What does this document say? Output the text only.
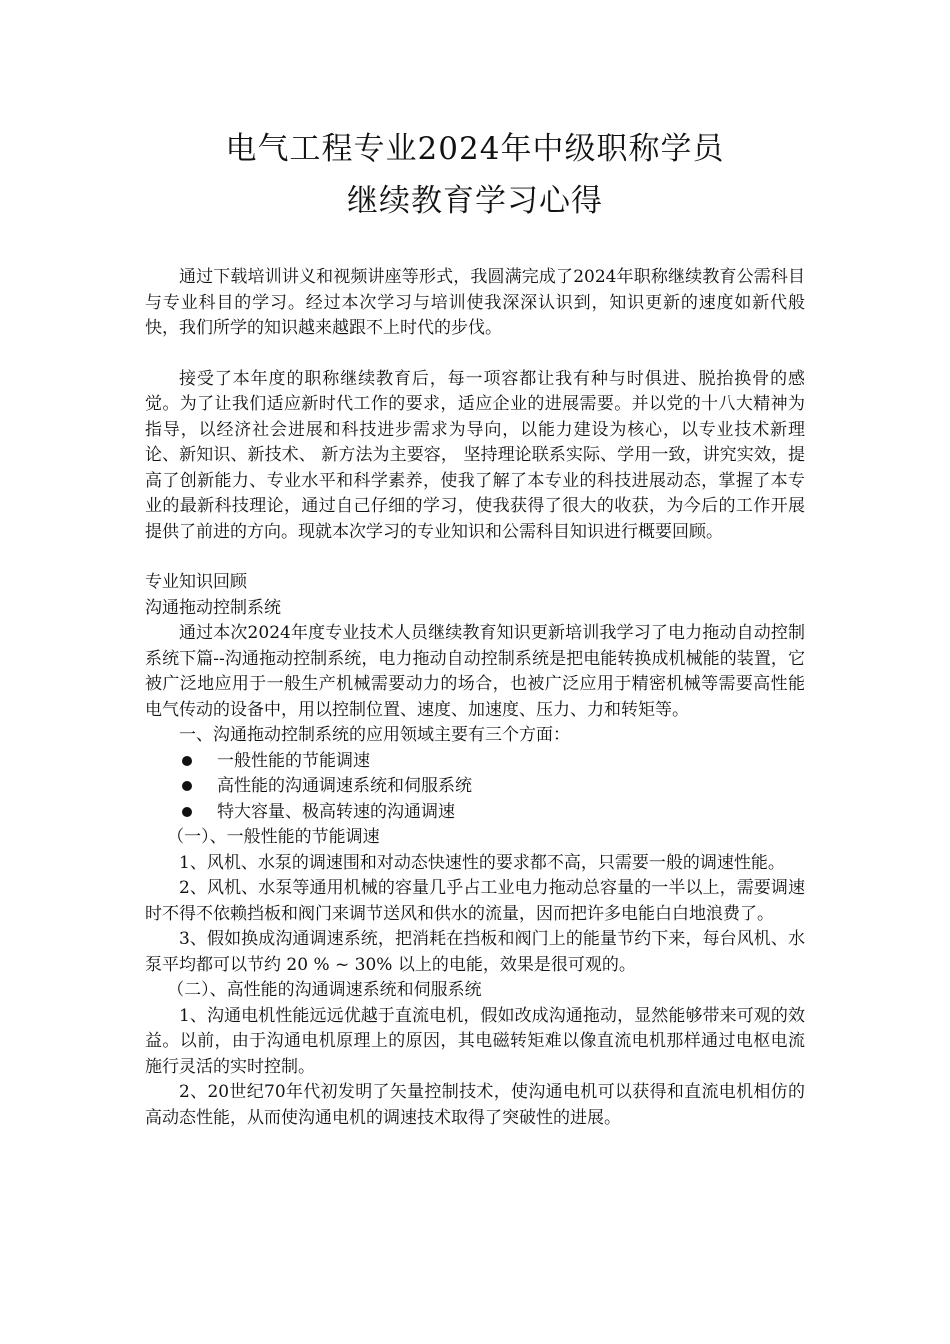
电气工程专业2024年中级职称学员
继续教育学习心得

通过下载培训讲义和视频讲座等形式，我圆满完成了2024年职称继续教育公需科目与专业科目的学习。经过本次学习与培训使我深深认识到，知识更新的速度如新代般快，我们所学的知识越来越跟不上时代的步伐。

接受了本年度的职称继续教育后，每一项容都让我有种与时俱进、脱抬换骨的感觉。为了让我们适应新时代工作的要求，适应企业的进展需要。并以党的十八大精神为指导，以经济社会进展和科技进步需求为导向，以能力建设为核心，以专业技术新理论、新知识、新技术、 新方法为主要容， 坚持理论联系实际、学用一致，讲究实效，提高了创新能力、专业水平和科学素养，使我了解了本专业的科技进展动态，掌握了本专业的最新科技理论，通过自己仔细的学习，使我获得了很大的收获，为今后的工作开展提供了前进的方向。现就本次学习的专业知识和公需科目知识进行概要回顾。

专业知识回顾

沟通拖动控制系统

通过本次2024年度专业技术人员继续教育知识更新培训我学习了电力拖动自动控制系统下篇--沟通拖动控制系统，电力拖动自动控制系统是把电能转换成机械能的装置，它被广泛地应用于一般生产机械需要动力的场合，也被广泛应用于精密机械等需要高性能电气传动的设备中，用以控制位置、速度、加速度、压力、力和转矩等。

一、沟通拖动控制系统的应用领域主要有三个方面：

一般性能的节能调速
高性能的沟通调速系统和伺服系统
特大容量、极高转速的沟通调速

（一）、一般性能的节能调速

1、风机、水泵的调速围和对动态快速性的要求都不高，只需要一般的调速性能。

2、风机、水泵等通用机械的容量几乎占工业电力拖动总容量的一半以上，需要调速时不得不依赖挡板和阀门来调节送风和供水的流量，因而把许多电能白白地浪费了。

3、假如换成沟通调速系统，把消耗在挡板和阀门上的能量节约下来，每台风机、水泵平均都可以节约 20 % ~ 30% 以上的电能，效果是很可观的。

（二）、高性能的沟通调速系统和伺服系统

1、沟通电机性能远远优越于直流电机，假如改成沟通拖动，显然能够带来可观的效益。以前，由于沟通电机原理上的原因，其电磁转矩难以像直流电机那样通过电枢电流施行灵活的实时控制。

2、20世纪70年代初发明了矢量控制技术，使沟通电机可以获得和直流电机相仿的高动态性能，从而使沟通电机的调速技术取得了突破性的进展。
